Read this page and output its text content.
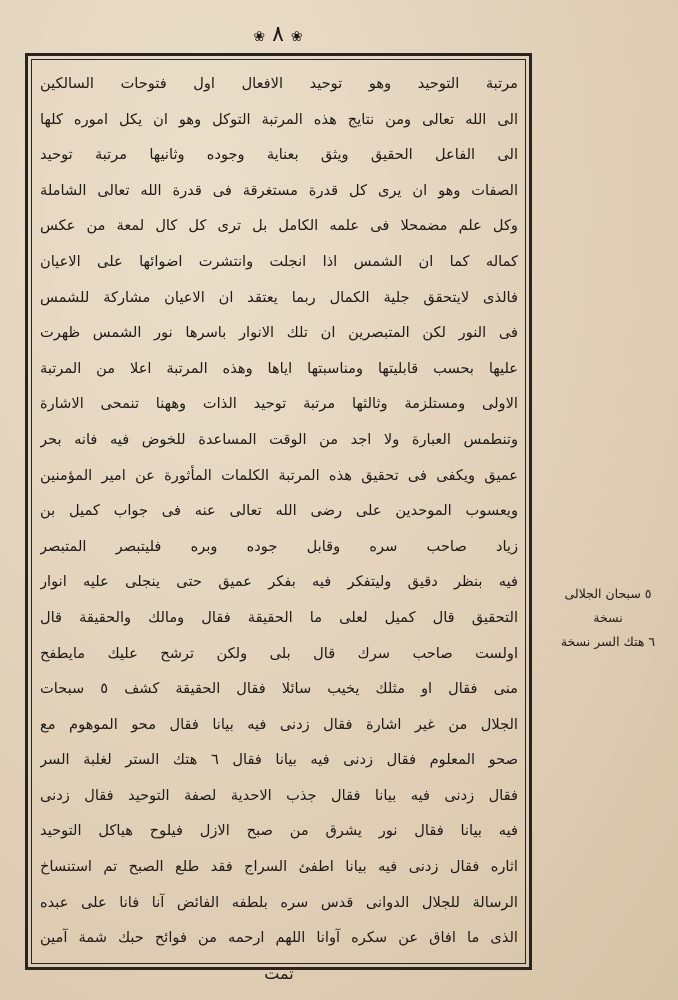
❀ ٨ ❀
مرتبة التوحيد وهو توحيد الافعال اول فتوحات السالكين
الى الله تعالى ومن نتايج هذه المرتبة التوكل وهو ان يكل اموره كلها
الى الفاعل الحقيق ويثق بعناية وجوده وثانيها مرتبة توحيد
الصفات وهو ان يرى كل قدرة مستغرقة فى قدرة الله تعالى الشاملة
وكل علم مضمحلا فى علمه الكامل بل ترى كل كال لمعة من عكس
كماله كما ان الشمس اذا انجلت وانتشرت اضوائها على الاعيان
فالذى لايتحقق جلية الكمال ربما يعتقد ان الاعيان مشاركة للشمس
فى النور لكن المتبصرين ان تلك الانوار باسرها نور الشمس ظهرت
عليها بحسب قابليتها ومناسبتها اياها وهذه المرتبة اعلا من المرتبة
الاولى ومستلزمة وثالثها مرتبة توحيد الذات وههنا تنمحى الاشارة
وتنطمس العبارة ولا اجد من الوقت المساعدة للخوض فيه فانه بحر
عميق ويكفى فى تحقيق هذه المرتبة الكلمات المأثورة عن امير المؤمنين
ويعسوب الموحدين على رضى الله تعالى عنه فى جواب كميل بن
زياد صاحب سره وقابل جوده وبره فليتبصر المتبصر
فيه بنظر دقيق وليتفكر فيه بفكر عميق حتى ينجلى عليه انوار
التحقيق قال كميل لعلى ما الحقيقة فقال ومالك والحقيقة قال
اولست صاحب سرك قال بلى ولكن ترشح عليك مايطفح
منى فقال او مثلك يخيب سائلا فقال الحقيقة كشف ٥ سبحات
الجلال من غير اشارة فقال زدنى فيه بيانا فقال محو الموهوم مع
صحو المعلوم فقال زدنى فيه بيانا فقال ٦ هتك الستر لغلبة السر
فقال زدنى فيه بيانا فقال جذب الاحدية لصفة التوحيد فقال زدنى
فيه بيانا فقال نور يشرق من صبح الازل فيلوح هياكل التوحيد
اثاره فقال زدنى فيه بيانا اطفئ السراج فقد طلع الصبح تم استنساخ
الرسالة للجلال الدوانى قدس سره بلطفه الفائض آنا فانا على عبده
الذى ما افاق عن سكره آوانا اللهم ارحمه من فوائح حبك شمة آمين
تمت
٥ سبحان الجلالى
نسخة
٦ هتك السر نسخة
